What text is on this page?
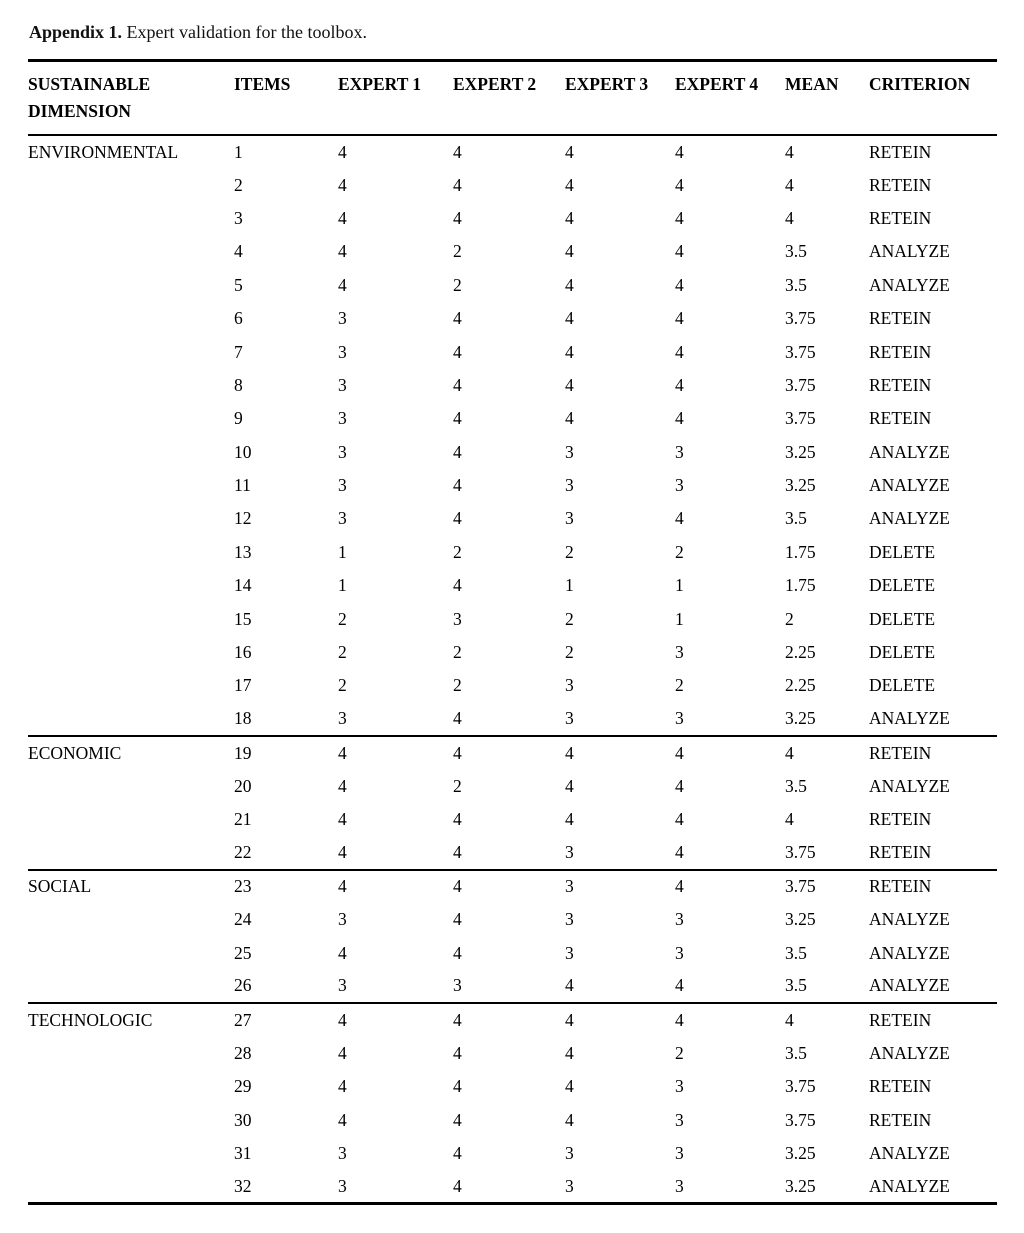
Appendix 1. Expert validation for the toolbox.

SUSTAINABLE DIMENSION	ITEMS	EXPERT 1	EXPERT 2	EXPERT 3	EXPERT 4	MEAN	CRITERION
ENVIRONMENTAL	1	4	4	4	4	4	RETEIN
	2	4	4	4	4	4	RETEIN
	3	4	4	4	4	4	RETEIN
	4	4	2	4	4	3.5	ANALYZE
	5	4	2	4	4	3.5	ANALYZE
	6	3	4	4	4	3.75	RETEIN
	7	3	4	4	4	3.75	RETEIN
	8	3	4	4	4	3.75	RETEIN
	9	3	4	4	4	3.75	RETEIN
	10	3	4	3	3	3.25	ANALYZE
	11	3	4	3	3	3.25	ANALYZE
	12	3	4	3	4	3.5	ANALYZE
	13	1	2	2	2	1.75	DELETE
	14	1	4	1	1	1.75	DELETE
	15	2	3	2	1	2	DELETE
	16	2	2	2	3	2.25	DELETE
	17	2	2	3	2	2.25	DELETE
	18	3	4	3	3	3.25	ANALYZE
ECONOMIC	19	4	4	4	4	4	RETEIN
	20	4	2	4	4	3.5	ANALYZE
	21	4	4	4	4	4	RETEIN
	22	4	4	3	4	3.75	RETEIN
SOCIAL	23	4	4	3	4	3.75	RETEIN
	24	3	4	3	3	3.25	ANALYZE
	25	4	4	3	3	3.5	ANALYZE
	26	3	3	4	4	3.5	ANALYZE
TECHNOLOGIC	27	4	4	4	4	4	RETEIN
	28	4	4	4	2	3.5	ANALYZE
	29	4	4	4	3	3.75	RETEIN
	30	4	4	4	3	3.75	RETEIN
	31	3	4	3	3	3.25	ANALYZE
	32	3	4	3	3	3.25	ANALYZE
